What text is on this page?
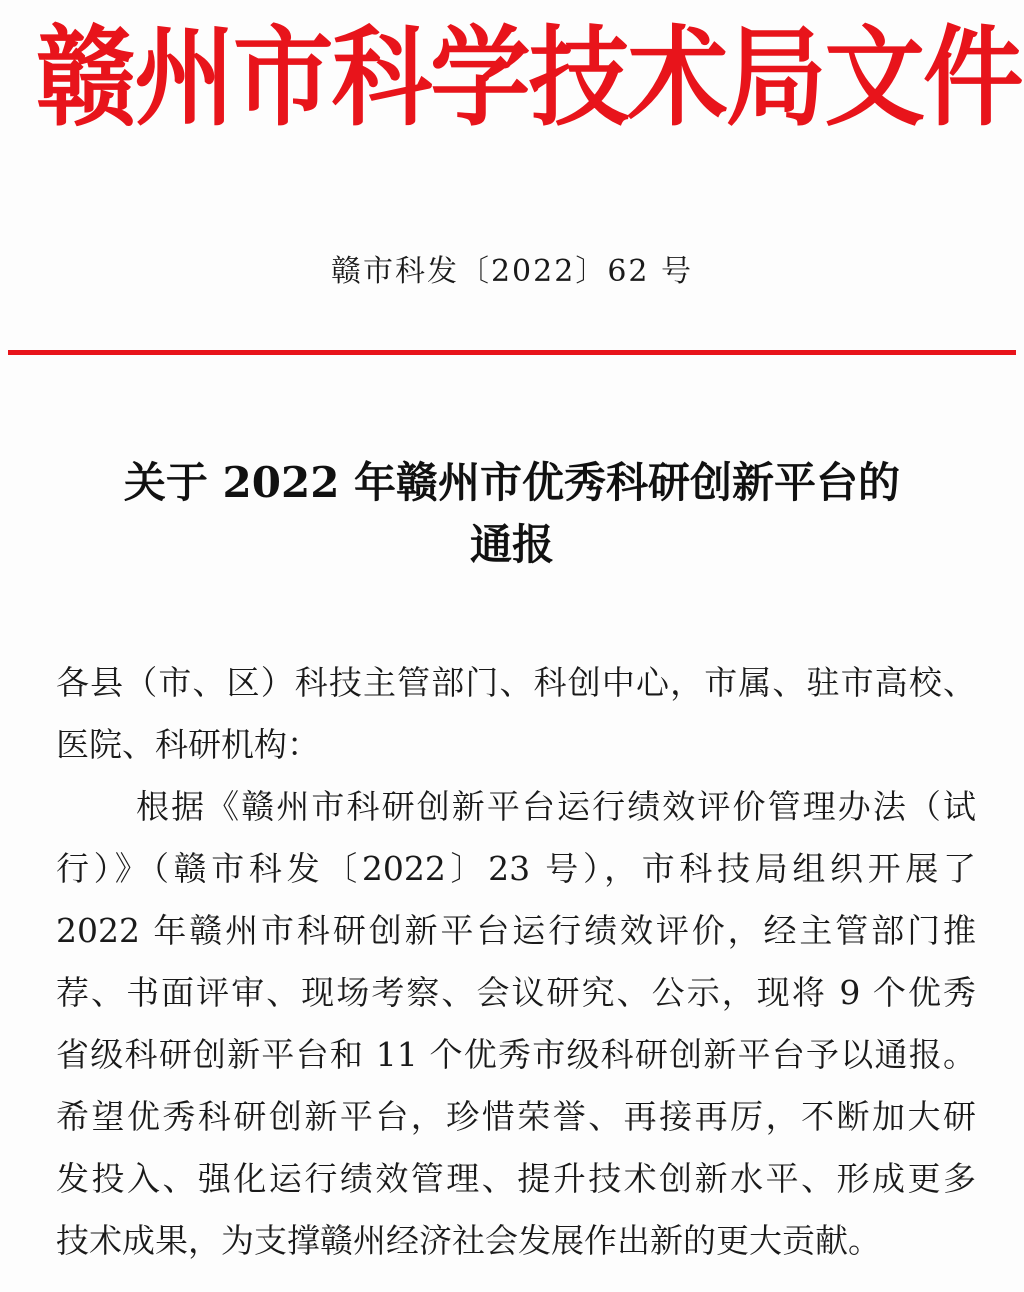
赣州市科学技术局文件
赣市科发〔2022〕62 号
关于 2022 年赣州市优秀科研创新平台的
通报
各县（市、区）科技主管部门、科创中心，市属、驻市高校、
医院、科研机构：
根据《赣州市科研创新平台运行绩效评价管理办法（试
行）》（赣市科发〔2022〕23 号），市科技局组织开展了
2022 年赣州市科研创新平台运行绩效评价，经主管部门推
荐、书面评审、现场考察、会议研究、公示，现将 9 个优秀
省级科研创新平台和 11 个优秀市级科研创新平台予以通报。
希望优秀科研创新平台，珍惜荣誉、再接再厉，不断加大研
发投入、强化运行绩效管理、提升技术创新水平、形成更多
技术成果，为支撑赣州经济社会发展作出新的更大贡献。
